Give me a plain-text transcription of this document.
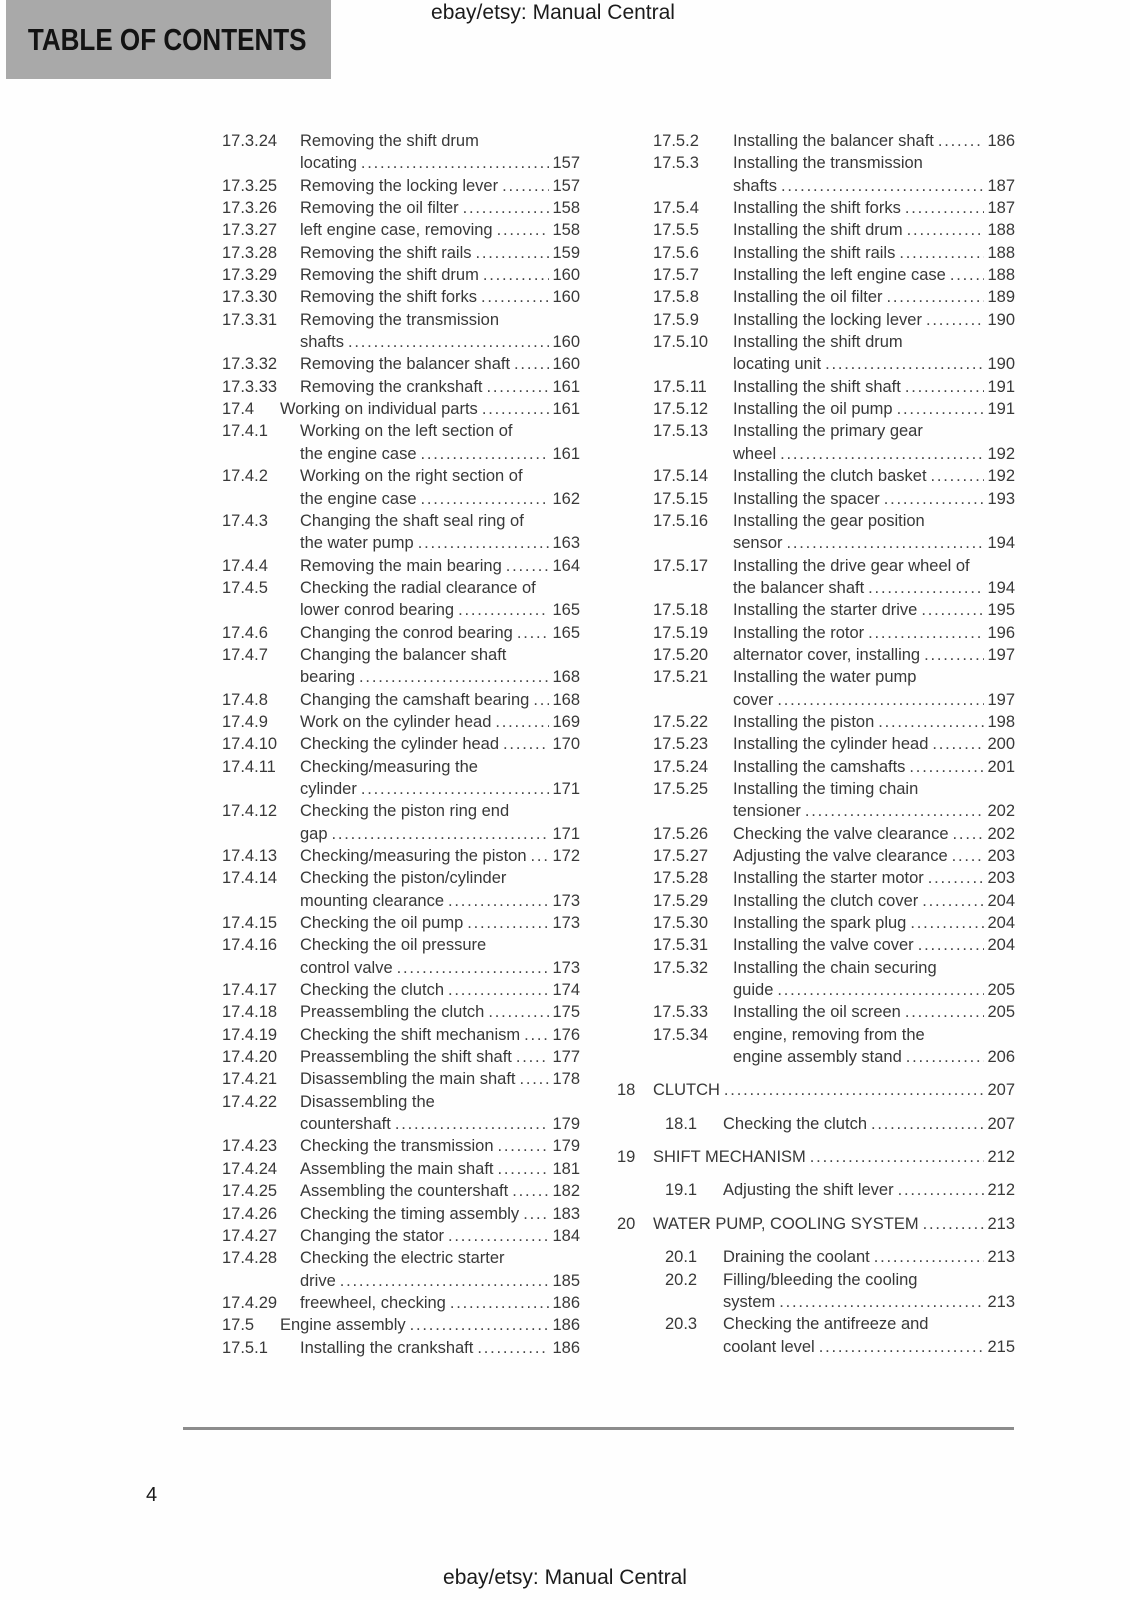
ebay/etsy: Manual Central
TABLE OF CONTENTS
17.3.24	Removing the shift drum
locating .....	157
17.3.25	Removing the locking lever .....	157
17.3.26	Removing the oil filter .....	158
17.3.27	left engine case, removing .....	158
17.3.28	Removing the shift rails .....	159
17.3.29	Removing the shift drum .....	160
17.3.30	Removing the shift forks .....	160
17.3.31	Removing the transmission
shafts .....	160
17.3.32	Removing the balancer shaft .....	160
17.3.33	Removing the crankshaft .....	161
17.4	Working on individual parts .....	161
17.4.1	Working on the left section of
the engine case .....	161
17.4.2	Working on the right section of
the engine case .....	162
17.4.3	Changing the shaft seal ring of
the water pump .....	163
17.4.4	Removing the main bearing .....	164
17.4.5	Checking the radial clearance of
lower conrod bearing .....	165
17.4.6	Changing the conrod bearing ..... 165
17.4.7	Changing the balancer shaft
bearing .....	168
17.4.8	Changing the camshaft bearing ..... 168
17.4.9	Work on the cylinder head .....	169
17.4.10	Checking the cylinder head .....	170
17.4.11	Checking/measuring the
cylinder .....	171
17.4.12	Checking the piston ring end
gap .....	171
17.4.13	Checking/measuring the piston ..... 172
17.4.14	Checking the piston/cylinder
mounting clearance .....	173
17.4.15	Checking the oil pump .....	173
17.4.16	Checking the oil pressure
control valve .....	173
17.4.17	Checking the clutch .....	174
17.4.18	Preassembling the clutch .....	175
17.4.19	Checking the shift mechanism ..... 176
17.4.20	Preassembling the shift shaft ..... 177
17.4.21	Disassembling the main shaft ..... 178
17.4.22	Disassembling the
countershaft .....	179
17.4.23	Checking the transmission .....	179
17.4.24	Assembling the main shaft .....	181
17.4.25	Assembling the countershaft .....	182
17.4.26	Checking the timing assembly ..... 183
17.4.27	Changing the stator .....	184
17.4.28	Checking the electric starter
drive .....	185
17.4.29	freewheel, checking .....	186
17.5	Engine assembly .....	186
17.5.1	Installing the crankshaft .....	186
17.5.2	Installing the balancer shaft .....	186
17.5.3	Installing the transmission
shafts .....	187
17.5.4	Installing the shift forks .....	187
17.5.5	Installing the shift drum .....	188
17.5.6	Installing the shift rails .....	188
17.5.7	Installing the left engine case .....	188
17.5.8	Installing the oil filter .....	189
17.5.9	Installing the locking lever .....	190
17.5.10	Installing the shift drum
locating unit .....	190
17.5.11	Installing the shift shaft .....	191
17.5.12	Installing the oil pump .....	191
17.5.13	Installing the primary gear
wheel .....	192
17.5.14	Installing the clutch basket .....	192
17.5.15	Installing the spacer .....	193
17.5.16	Installing the gear position
sensor .....	194
17.5.17	Installing the drive gear wheel of
the balancer shaft .....	194
17.5.18	Installing the starter drive .....	195
17.5.19	Installing the rotor .....	196
17.5.20	alternator cover, installing .....	197
17.5.21	Installing the water pump
cover .....	197
17.5.22	Installing the piston .....	198
17.5.23	Installing the cylinder head .....	200
17.5.24	Installing the camshafts .....	201
17.5.25	Installing the timing chain
tensioner .....	202
17.5.26	Checking the valve clearance ..... 202
17.5.27	Adjusting the valve clearance ..... 203
17.5.28	Installing the starter motor .....	203
17.5.29	Installing the clutch cover .....	204
17.5.30	Installing the spark plug .....	204
17.5.31	Installing the valve cover .....	204
17.5.32	Installing the chain securing
guide .....	205
17.5.33	Installing the oil screen .....	205
17.5.34	engine, removing from the
engine assembly stand .....	206
18	CLUTCH .....	207
18.1	Checking the clutch .....	207
19	SHIFT MECHANISM .....	212
19.1	Adjusting the shift lever .....	212
20	WATER PUMP, COOLING SYSTEM .....	213
20.1	Draining the coolant .....	213
20.2	Filling/bleeding the cooling
system .....	213
20.3	Checking the antifreeze and
coolant level .....	215
4
ebay/etsy: Manual Central
